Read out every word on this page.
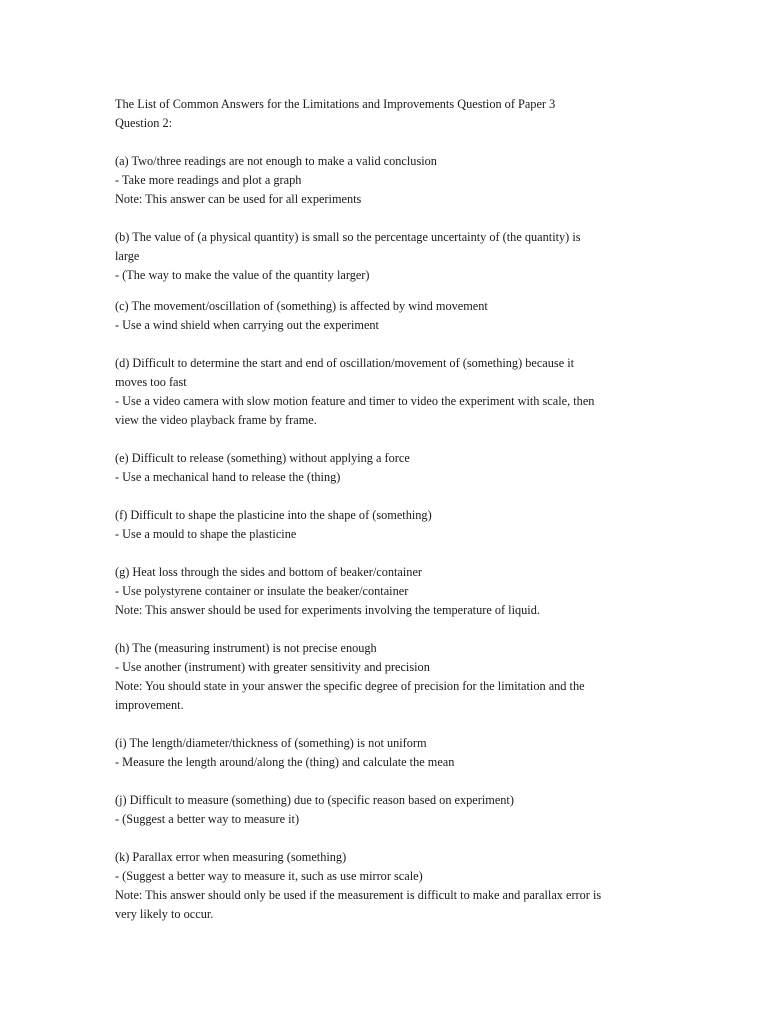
The List of Common Answers for the Limitations and Improvements Question of Paper 3
Question 2:
(a) Two/three readings are not enough to make a valid conclusion
- Take more readings and plot a graph
Note: This answer can be used for all experiments
(b) The value of (a physical quantity) is small so the percentage uncertainty of (the quantity) is
large
- (The way to make the value of the quantity larger)
(c) The movement/oscillation of (something) is affected by wind movement
- Use a wind shield when carrying out the experiment
(d) Difficult to determine the start and end of oscillation/movement of (something) because it
moves too fast
- Use a video camera with slow motion feature and timer to video the experiment with scale, then
view the video playback frame by frame.
(e) Difficult to release (something) without applying a force
- Use a mechanical hand to release the (thing)
(f) Difficult to shape the plasticine into the shape of (something)
- Use a mould to shape the plasticine
(g) Heat loss through the sides and bottom of beaker/container
- Use polystyrene container or insulate the beaker/container
Note: This answer should be used for experiments involving the temperature of liquid.
(h) The (measuring instrument) is not precise enough
- Use another (instrument) with greater sensitivity and precision
Note: You should state in your answer the specific degree of precision for the limitation and the
improvement.
(i) The length/diameter/thickness of (something) is not uniform
- Measure the length around/along the (thing) and calculate the mean
(j) Difficult to measure (something) due to (specific reason based on experiment)
- (Suggest a better way to measure it)
(k) Parallax error when measuring (something)
- (Suggest a better way to measure it, such as use mirror scale)
Note: This answer should only be used if the measurement is difficult to make and parallax error is
very likely to occur.
